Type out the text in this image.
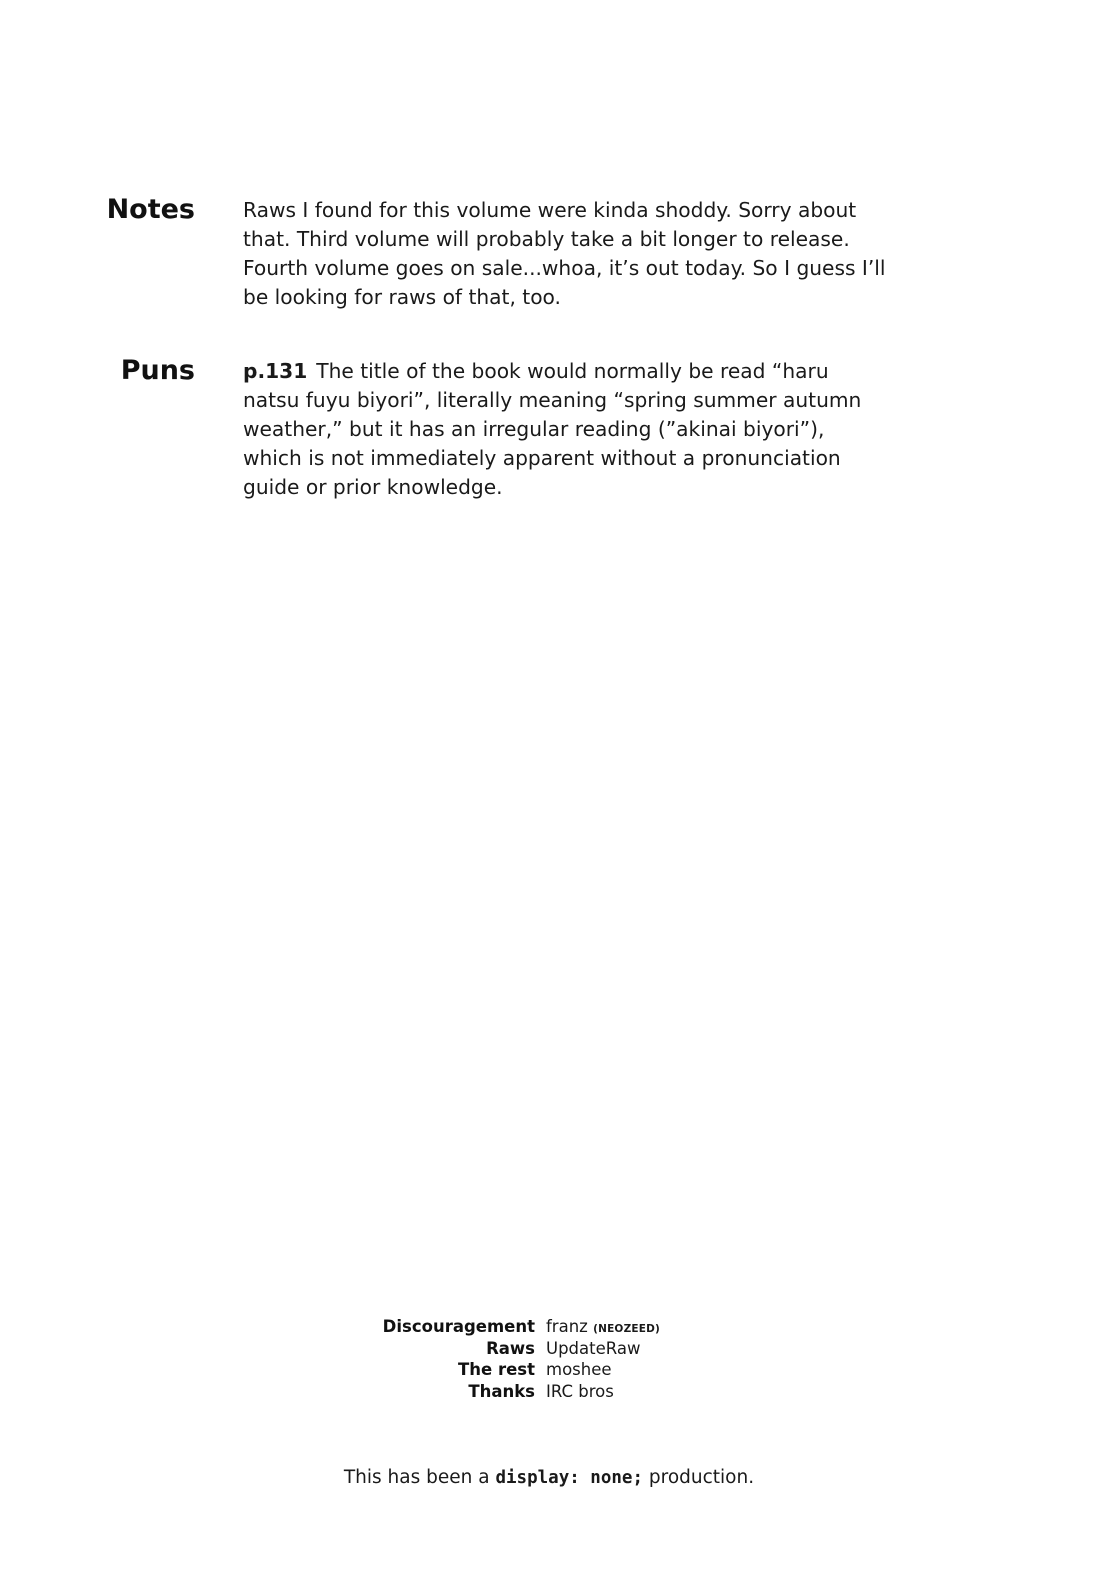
Notes Raws I found for this volume were kinda shoddy. Sorry about that. Third volume will probably take a bit longer to release. Fourth volume goes on sale...whoa, it’s out today. So I guess I’ll be looking for raws of that, too.

Puns p.131 The title of the book would normally be read “haru natsu fuyu biyori”, literally meaning “spring summer autumn weather,” but it has an irregular reading (”akinai biyori”), which is not immediately apparent without a pronunciation guide or prior knowledge.

Discouragement franz (NEOZEED)
Raws UpdateRaw
The rest moshee
Thanks IRC bros
This has been a display: none; production.
